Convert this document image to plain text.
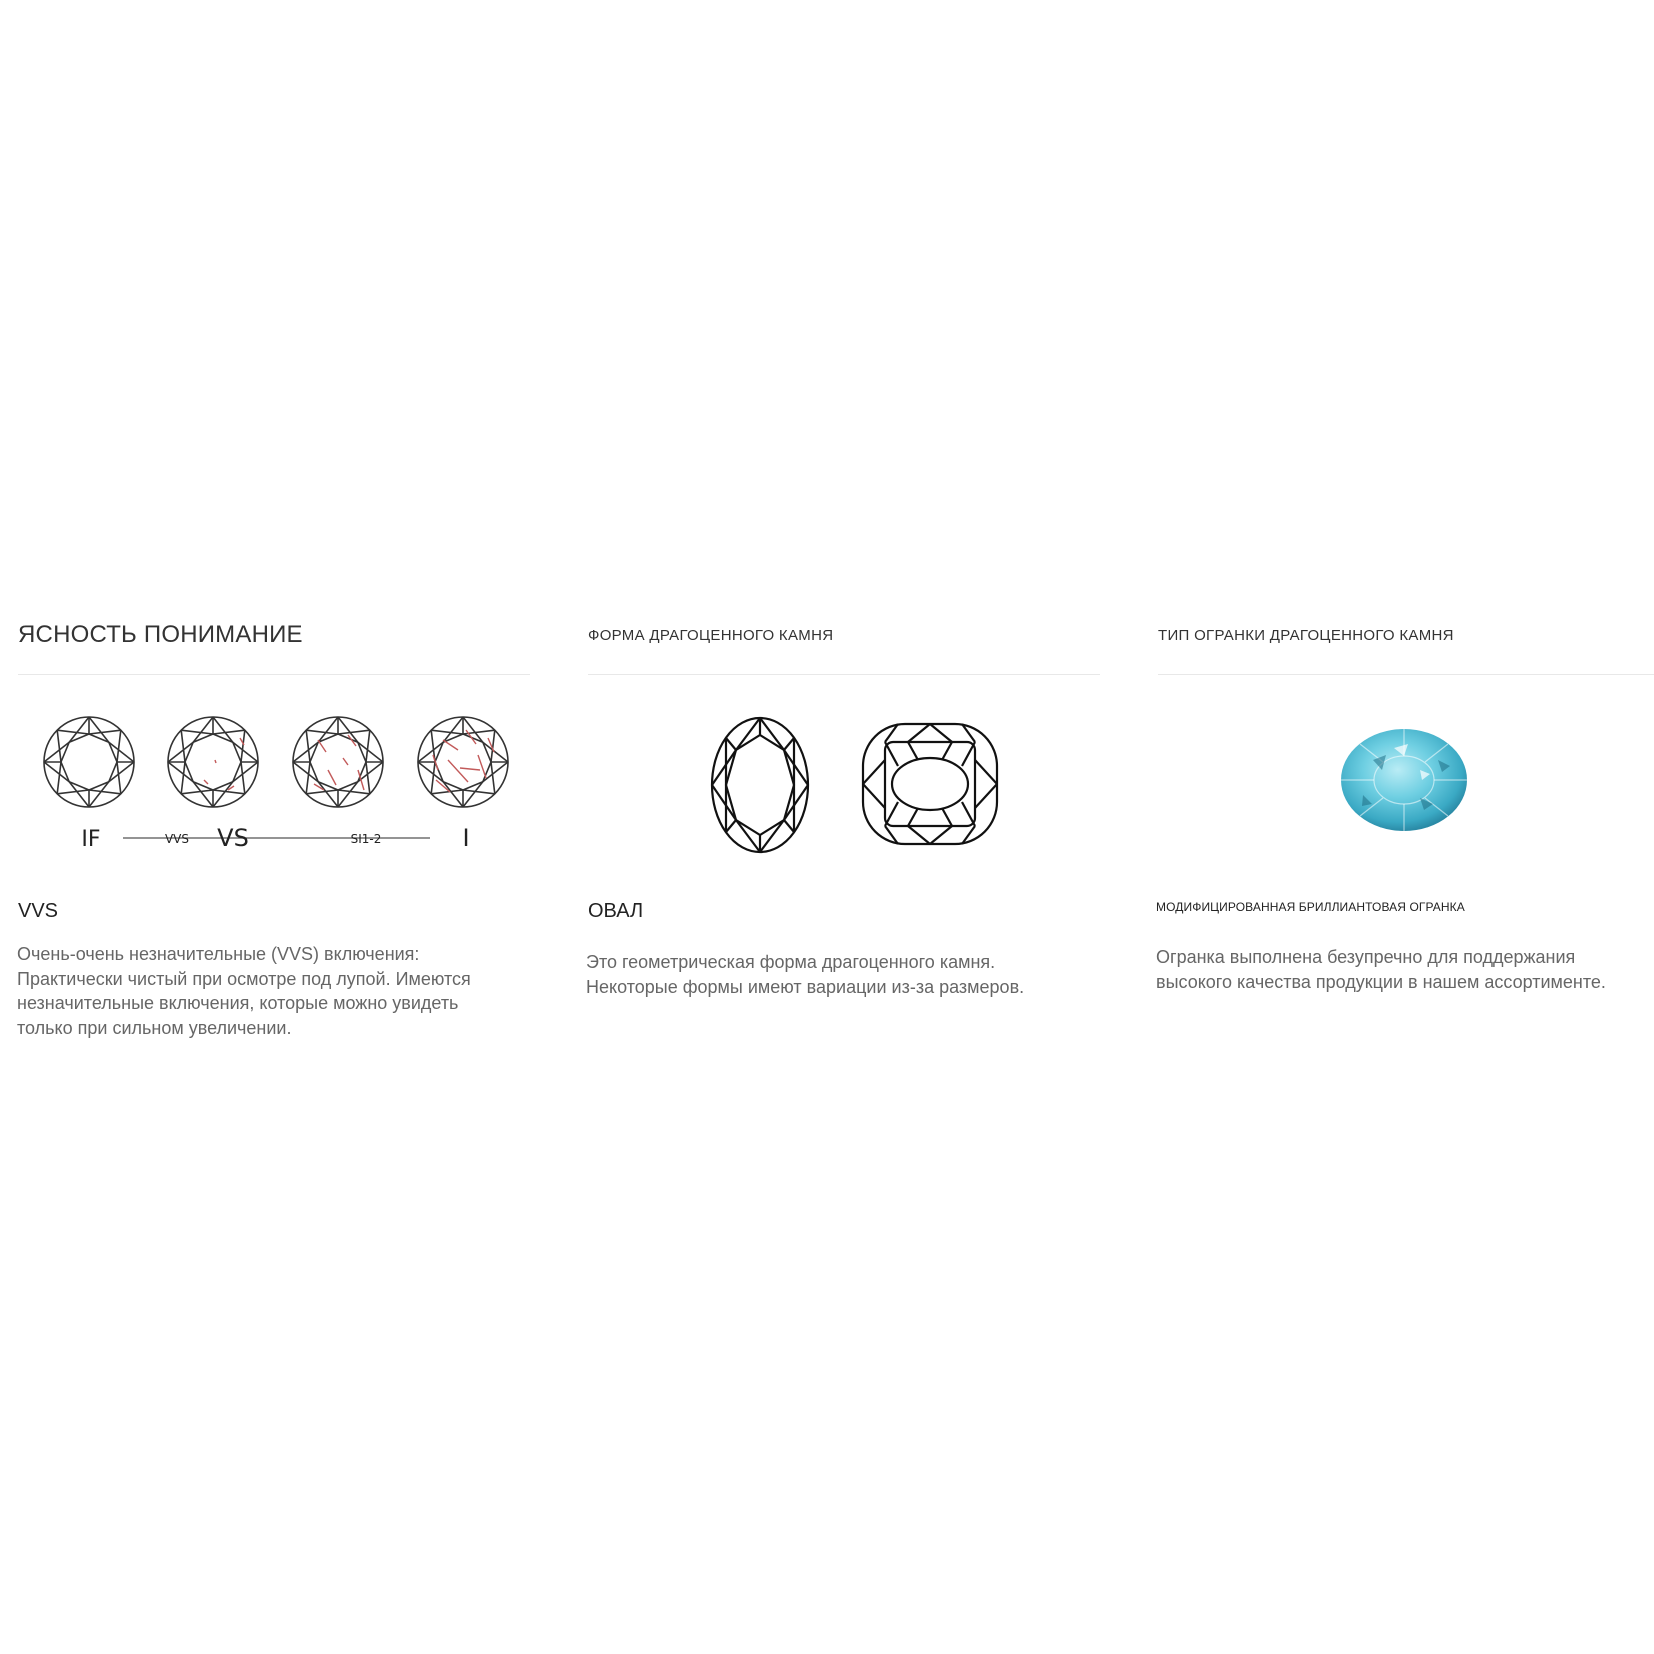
ЯСНОСТЬ ПОНИМАНИЕ
IF	VVS VS	SI1-2	I
VVS

Очень-очень незначительные (VVS) включения:
Практически чистый при осмотре под лупой. Имеются
незначительные включения, которые можно увидеть
только при сильном увеличении.

ФОРМА ДРАГОЦЕННОГО КАМНЯ
ОВАЛ

Это геометрическая форма драгоценного камня.
Некоторые формы имеют вариации из-за размеров.

ТИП ОГРАНКИ ДРАГОЦЕННОГО КАМНЯ
МОДИФИЦИРОВАННАЯ БРИЛЛИАНТОВАЯ ОГРАНКА

Огранка выполнена безупречно для поддержания
высокого качества продукции в нашем ассортименте.
